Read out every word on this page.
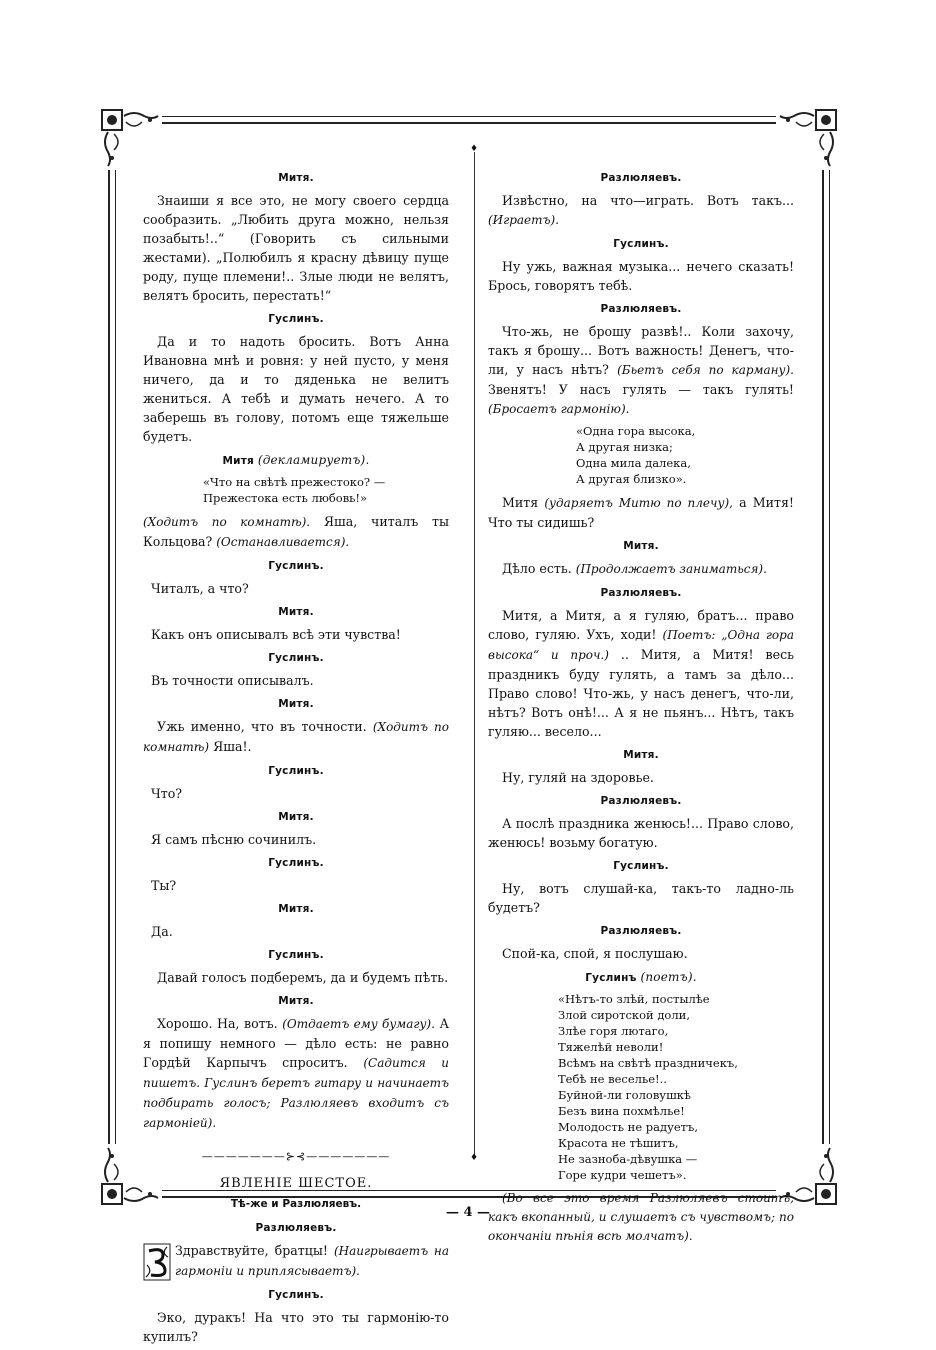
♦ ♦
Митя.

Знаиши я все это, не могу своего сердца сообразить. „Любить друга можно, нельзя позабыть!..“ (Говорить съ сильными жестами). „Полюбилъ я красну дѣвицу пуще роду, пуще племени!.. Злые люди не велятъ, велятъ бросить, перестать!“

Гуслинъ.

Да и то надоть бросить. Вотъ Анна Ивановна мнѣ и ровня: у ней пусто, у меня ничего, да и то дяденька не велитъ жениться. А тебѣ и думать нечего. А то заберешь въ голову, потомъ еще тяжельше будетъ.

Митя (декламируетъ).
«Что на свѣтѣ прежестоко? —
Прежестока есть любовь!»

(Ходитъ по комнатѣ). Яша, читалъ ты Кольцова? (Останавливается).

Гуслинъ.

Читалъ, а что?

Митя.

Какъ онъ описывалъ всѣ эти чувства!

Гуслинъ.

Въ точности описывалъ.

Митя.

Ужь именно, что въ точности. (Ходитъ по комнатѣ) Яша!.

Гуслинъ.

Что?

Митя.

Я самъ пѣсню сочинилъ.

Гуслинъ.

Ты?

Митя.

Да.

Гуслинъ.

Давай голосъ подберемъ, да и будемъ пѣть.

Митя.

Хорошо. На, вотъ. (Отдаетъ ему бумагу). А я попишу немного — дѣло есть: не равно Гордѣй Карпычъ спроситъ. (Садится и пишетъ. Гуслинъ беретъ гитару и начинаетъ подбирать голосъ; Разлюляевъ входитъ съ гармоніей).

———————⊱⊰———————
ЯВЛЕНІЕ ШЕСТОЕ.
Тѣ-же и Разлюляевъ.
Разлюляевъ.

Здравствуйте, братцы! (Наигрываетъ на гармоніи и приплясываетъ).

Гуслинъ.

Эко, дуракъ! На что это ты гармонію-то купилъ?

Разлюляевъ.

Извѣстно, на что—играть. Вотъ такъ... (Играетъ).

Гуслинъ.

Ну ужь, важная музыка... нечего сказать! Брось, говорятъ тебѣ.

Разлюляевъ.

Что-жь, не брошу развѣ!.. Коли захочу, такъ я брошу... Вотъ важность! Денегъ, что-ли, у насъ нѣтъ? (Бьетъ себя по карману). Звенятъ! У насъ гулять — такъ гулять! (Бросаетъ гармонію).

«Одна гора высока,
А другая низка;
Одна мила далека,
А другая близко».

Митя (ударяетъ Митю по плечу), а Митя! Что ты сидишь?

Митя.

Дѣло есть. (Продолжаетъ заниматься).

Разлюляевъ.

Митя, а Митя, а я гуляю, братъ... право слово, гуляю. Ухъ, ходи! (Поетъ: „Одна гора высока“ и проч.) .. Митя, а Митя! весь праздникъ буду гулять, а тамъ за дѣло... Право слово! Что-жь, у насъ денегъ, что-ли, нѣтъ? Вотъ онѣ!... А я не пьянъ... Нѣтъ, такъ гуляю... весело...

Митя.

Ну, гуляй на здоровье.

Разлюляевъ.

А послѣ праздника женюсь!... Право слово, женюсь! возьму богатую.

Гуслинъ.

Ну, вотъ слушай-ка, такъ-то ладно-ль будетъ?

Разлюляевъ.

Спой-ка, спой, я послушаю.

Гуслинъ (поетъ).
«Нѣтъ-то злѣй, постылѣе
Злой сиротской доли,
Злѣе горя лютаго,
Тяжелѣй неволи!
Всѣмъ на свѣтѣ праздничекъ,
Тебѣ не веселье!..
Буйной-ли головушкѣ
Безъ вина похмѣлье!
Молодость не радуетъ,
Красота не тѣшитъ,
Не зазноба-дѣвушка —
Горе кудри чешетъ».

(Во все это время Разлюляевъ стоитъ, какъ вкопанный, и слушаетъ съ чувствомъ; по окончаніи пѣнія всѣ молчатъ).

— 4 —
